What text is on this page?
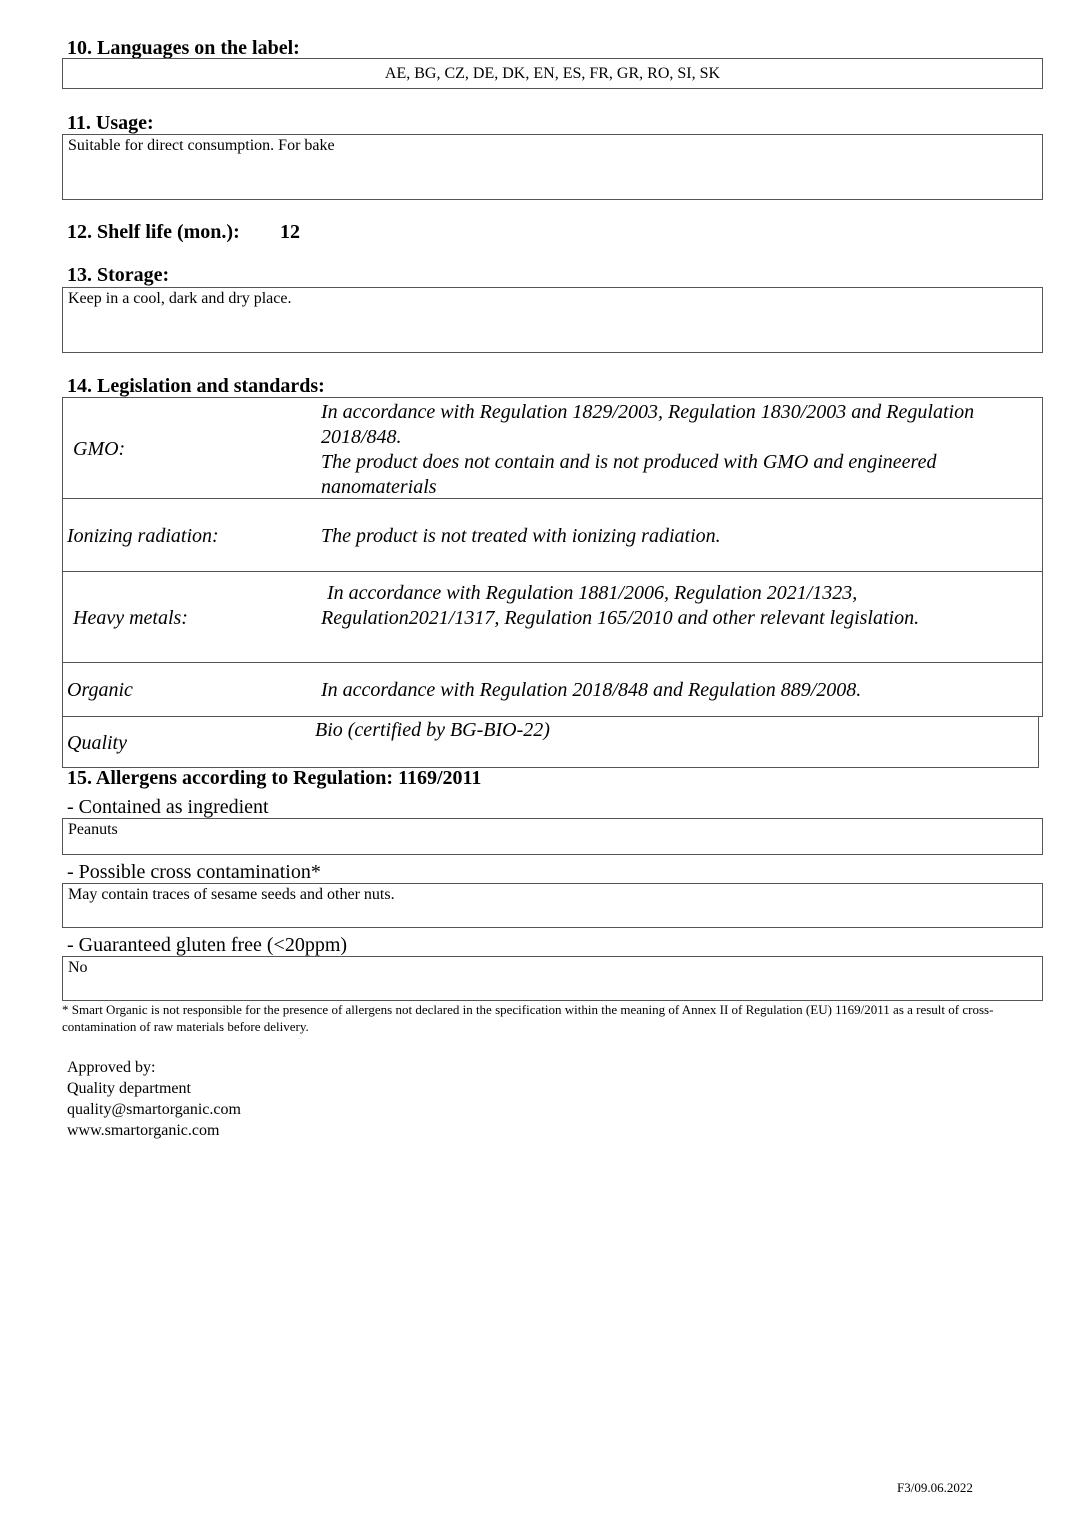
10. Languages on the label:
AE, BG, CZ, DE, DK, EN, ES, FR, GR, RO, SI, SK
11. Usage:
Suitable for direct consumption. For bake
12. Shelf life (mon.): 12
13. Storage:
Keep in a cool, dark and dry place.
14. Legislation and standards:
GMO:
In accordance with Regulation 1829/2003, Regulation 1830/2003 and Regulation 2018/848.
The product does not contain and is not produced with GMO and engineered nanomaterials
Ionizing radiation:	The product is not treated with ionizing radiation.
Heavy metals:
In accordance with Regulation 1881/2006, Regulation 2021/1323, Regulation2021/1317, Regulation 165/2010 and other relevant legislation.
Organic	In accordance with Regulation 2018/848 and Regulation 889/2008.
Quality
Bio (certified by BG-BIO-22)
15. Allergens according to Regulation: 1169/2011
- Contained as ingredient
Peanuts
- Possible cross contamination*
May contain traces of sesame seeds and other nuts.
- Guaranteed gluten free (<20ppm)
No
* Smart Organic is not responsible for the presence of allergens not declared in the specification within the meaning of Annex II of Regulation (EU) 1169/2011 as a result of cross-contamination of raw materials before delivery.
Approved by:
Quality department
quality@smartorganic.com
www.smartorganic.com
F3/09.06.2022
